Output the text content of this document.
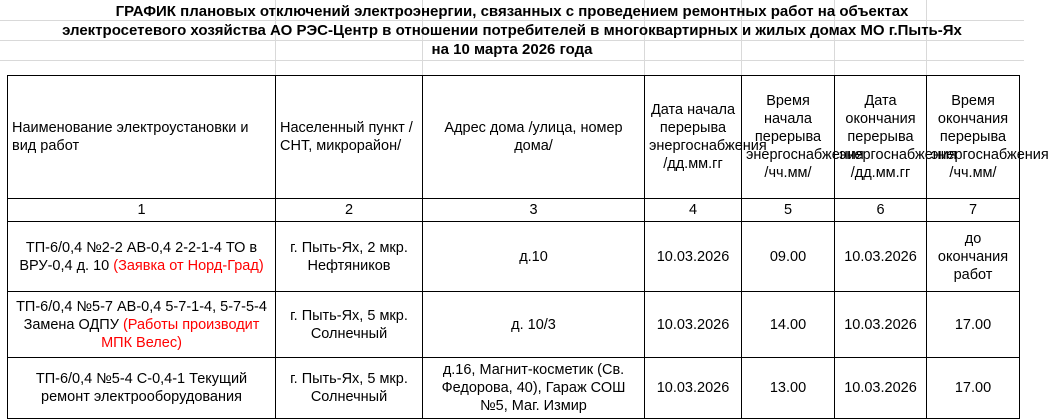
ГРАФИК плановых отключений электроэнергии, связанных с проведением ремонтных работ на объектах
электросетевого хозяйства АО РЭС-Центр в отношении потребителей в многоквартирных и жилых домах МО г.Пыть-Ях
на 10 марта 2026 года
Наименование электроустановки и вид работ	Населенный пункт /СНТ, микрорайон/	Адрес дома /улица, номер дома/	Дата начала перерыва энергоснабжения /дд.мм.гг	Время начала перерыва энергоснабжения /чч.мм/	Дата окончания перерыва энергоснабжения /дд.мм.гг	Время окончания перерыва энергоснабжения /чч.мм/
1	2	3	4	5	6	7
ТП-6/0,4 №2-2 АВ-0,4 2-2-1-4 ТО в ВРУ-0,4 д. 10 (Заявка от Норд-Град)	г. Пыть-Ях, 2 мкр. Нефтяников	д.10	10.03.2026	09.00	10.03.2026	до окончания работ
ТП-6/0,4 №5-7 АВ-0,4 5-7-1-4, 5-7-5-4 Замена ОДПУ (Работы производит МПК Велес)	г. Пыть-Ях, 5 мкр. Солнечный	д. 10/3	10.03.2026	14.00	10.03.2026	17.00
ТП-6/0,4 №5-4 С-0,4-1 Текущий ремонт электрооборудования	г. Пыть-Ях, 5 мкр. Солнечный	д.16, Магнит-косметик (Св. Федорова, 40), Гараж СОШ №5, Маг. Измир	10.03.2026	13.00	10.03.2026	17.00
